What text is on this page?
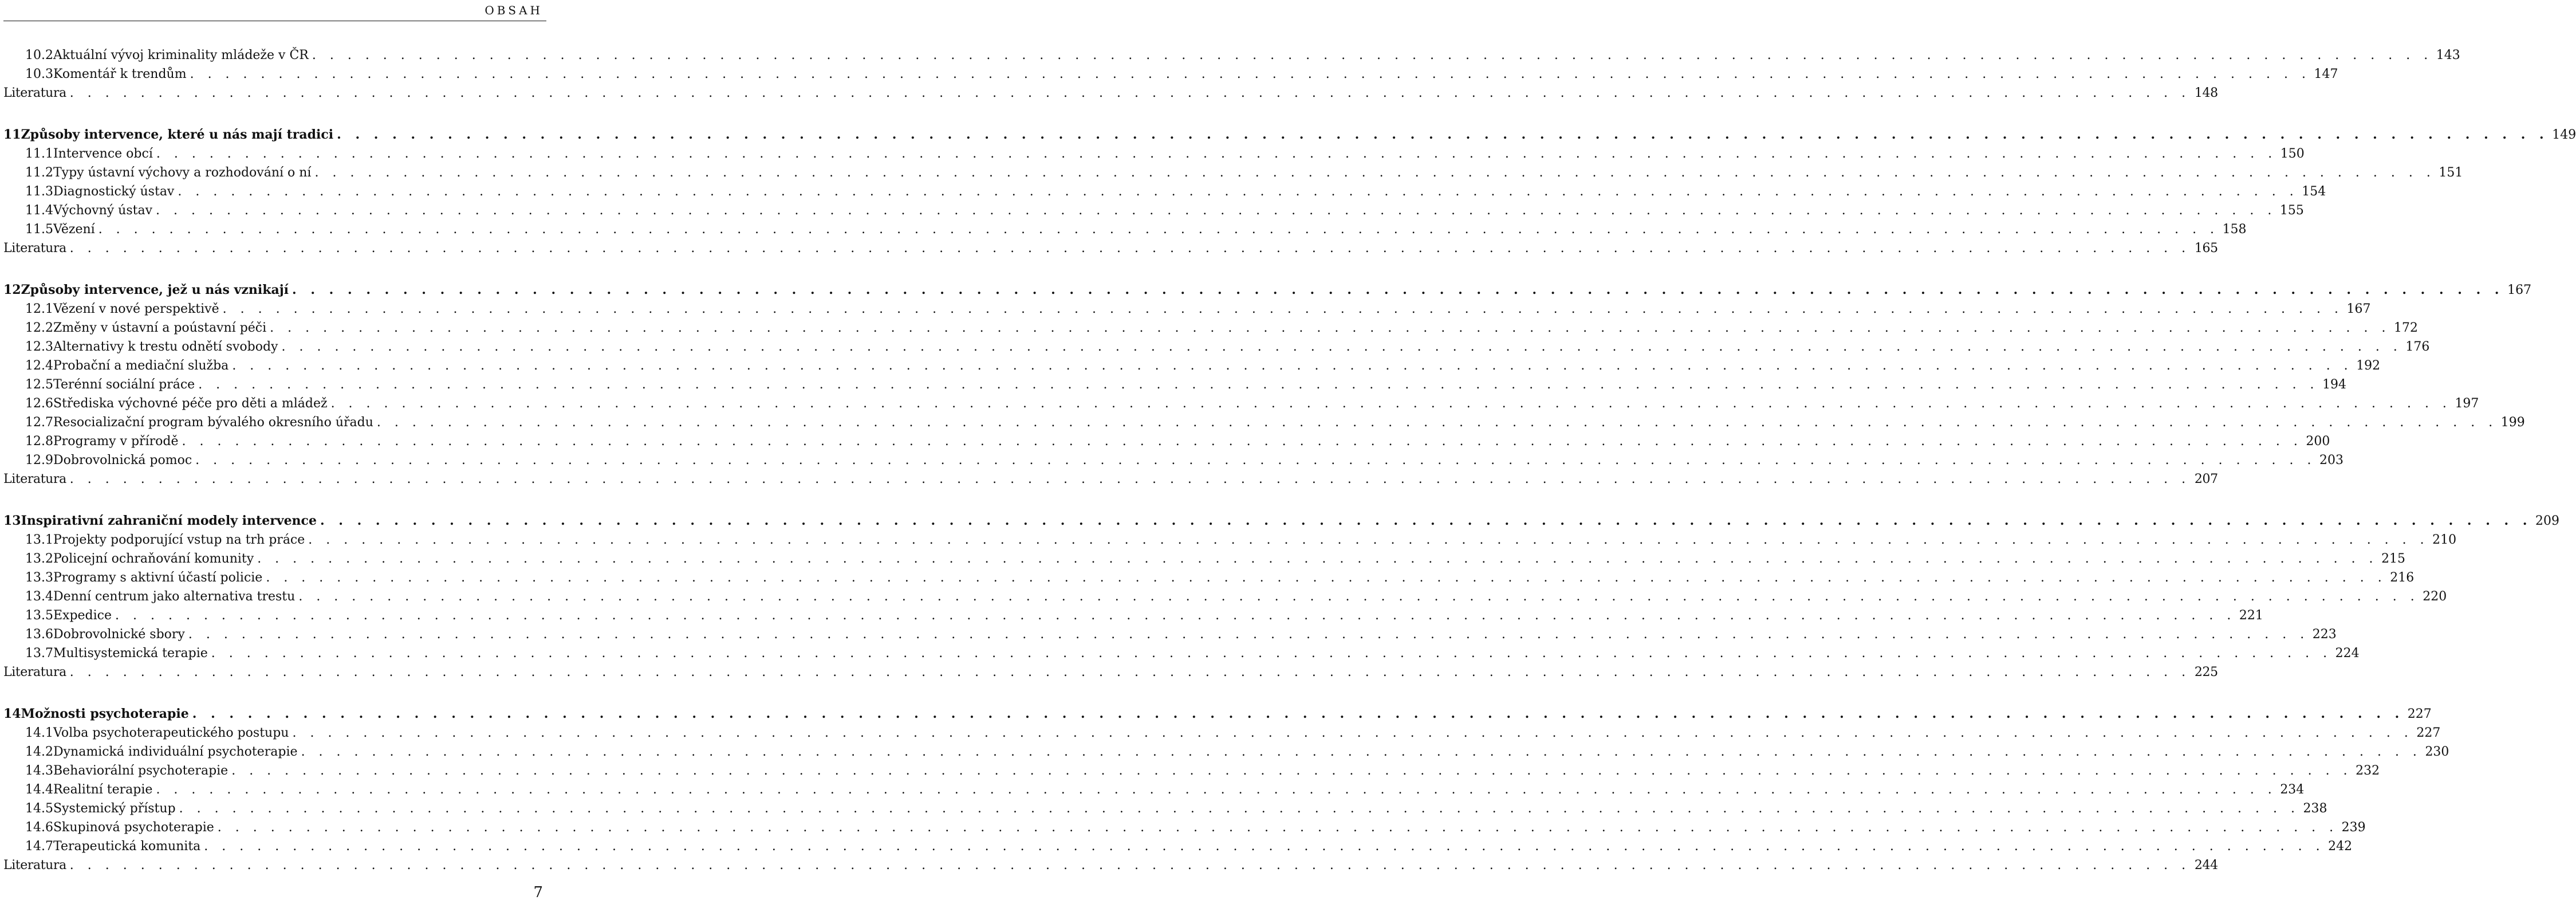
OBSAH
10.2 Aktuální vývoj kriminality mládeže v ČR . . . . . . . . . . . . . . . . . . . . . . . . . . . . . . . . . . . . . . . . . . . . . . . . . . . . . . . . . . . . . . . . . . . . . . . . . . . . . . . . . . . . . . . . . . . . . . . . . . . . . . . . . . . . . . . . . . . . . . . . 143
10.3 Komentář k trendům . . . . . . . . . . . . . . . . . . . . . . . . . . . . . . . . . . . . . . . . . . . . . . . . . . . . . . . . . . . . . . . . . . . . . . . . . . . . . . . . . . . . . . . . . . . . . . . . . . . . . . . . . . . . . . . . . . . . . . . . 147
Literatura . . . . . . . . . . . . . . . . . . . . . . . . . . . . . . . . . . . . . . . . . . . . . . . . . . . . . . . . . . . . . . . . . . . . . . . . . . . . . . . . . . . . . . . . . . . . . . . . . . . . . . . . . . . . . . . . . . . . . . . . 148
11 Způsoby intervence, které u nás mají tradici . . . . . . . . . . . . . . . . . . . . . . . . . . . . . . . . . . . . . . . . . . . . . . . . . . . . . . . . . . . . . . . . . . . . . . . . . . . . . . . . . . . . . . . . . . . . . . . . . . . . . . . . . . . . . . . . . . . . . . . . 149
11.1 Intervence obcí . . . . . . . . . . . . . . . . . . . . . . . . . . . . . . . . . . . . . . . . . . . . . . . . . . . . . . . . . . . . . . . . . . . . . . . . . . . . . . . . . . . . . . . . . . . . . . . . . . . . . . . . . . . . . . . . . . . . . . . . 150
11.2 Typy ústavní výchovy a rozhodování o ní . . . . . . . . . . . . . . . . . . . . . . . . . . . . . . . . . . . . . . . . . . . . . . . . . . . . . . . . . . . . . . . . . . . . . . . . . . . . . . . . . . . . . . . . . . . . . . . . . . . . . . . . . . . . . . . . . . . . . . . . 151
11.3 Diagnostický ústav . . . . . . . . . . . . . . . . . . . . . . . . . . . . . . . . . . . . . . . . . . . . . . . . . . . . . . . . . . . . . . . . . . . . . . . . . . . . . . . . . . . . . . . . . . . . . . . . . . . . . . . . . . . . . . . . . . . . . . . . 154
11.4 Výchovný ústav . . . . . . . . . . . . . . . . . . . . . . . . . . . . . . . . . . . . . . . . . . . . . . . . . . . . . . . . . . . . . . . . . . . . . . . . . . . . . . . . . . . . . . . . . . . . . . . . . . . . . . . . . . . . . . . . . . . . . . . . 155
11.5 Vězení . . . . . . . . . . . . . . . . . . . . . . . . . . . . . . . . . . . . . . . . . . . . . . . . . . . . . . . . . . . . . . . . . . . . . . . . . . . . . . . . . . . . . . . . . . . . . . . . . . . . . . . . . . . . . . . . . . . . . . . . 158
Literatura . . . . . . . . . . . . . . . . . . . . . . . . . . . . . . . . . . . . . . . . . . . . . . . . . . . . . . . . . . . . . . . . . . . . . . . . . . . . . . . . . . . . . . . . . . . . . . . . . . . . . . . . . . . . . . . . . . . . . . . . 165
12 Způsoby intervence, jež u nás vznikají . . . . . . . . . . . . . . . . . . . . . . . . . . . . . . . . . . . . . . . . . . . . . . . . . . . . . . . . . . . . . . . . . . . . . . . . . . . . . . . . . . . . . . . . . . . . . . . . . . . . . . . . . . . . . . . . . . . . . . . . 167
12.1 Vězení v nové perspektivě . . . . . . . . . . . . . . . . . . . . . . . . . . . . . . . . . . . . . . . . . . . . . . . . . . . . . . . . . . . . . . . . . . . . . . . . . . . . . . . . . . . . . . . . . . . . . . . . . . . . . . . . . . . . . . . . . . . . . . . . 167
12.2 Změny v ústavní a poústavní péči . . . . . . . . . . . . . . . . . . . . . . . . . . . . . . . . . . . . . . . . . . . . . . . . . . . . . . . . . . . . . . . . . . . . . . . . . . . . . . . . . . . . . . . . . . . . . . . . . . . . . . . . . . . . . . . . . . . . . . . . 172
12.3 Alternativy k trestu odnětí svobody . . . . . . . . . . . . . . . . . . . . . . . . . . . . . . . . . . . . . . . . . . . . . . . . . . . . . . . . . . . . . . . . . . . . . . . . . . . . . . . . . . . . . . . . . . . . . . . . . . . . . . . . . . . . . . . . . . . . . . . . 176
12.4 Probační a mediační služba . . . . . . . . . . . . . . . . . . . . . . . . . . . . . . . . . . . . . . . . . . . . . . . . . . . . . . . . . . . . . . . . . . . . . . . . . . . . . . . . . . . . . . . . . . . . . . . . . . . . . . . . . . . . . . . . . . . . . . . . 192
12.5 Terénní sociální práce . . . . . . . . . . . . . . . . . . . . . . . . . . . . . . . . . . . . . . . . . . . . . . . . . . . . . . . . . . . . . . . . . . . . . . . . . . . . . . . . . . . . . . . . . . . . . . . . . . . . . . . . . . . . . . . . . . . . . . . . 194
12.6 Střediska výchovné péče pro děti a mládež . . . . . . . . . . . . . . . . . . . . . . . . . . . . . . . . . . . . . . . . . . . . . . . . . . . . . . . . . . . . . . . . . . . . . . . . . . . . . . . . . . . . . . . . . . . . . . . . . . . . . . . . . . . . . . . . . . . . . . . . 197
12.7 Resocializační program bývalého okresního úřadu . . . . . . . . . . . . . . . . . . . . . . . . . . . . . . . . . . . . . . . . . . . . . . . . . . . . . . . . . . . . . . . . . . . . . . . . . . . . . . . . . . . . . . . . . . . . . . . . . . . . . . . . . . . . . . . . . . . . . . . . 199
12.8 Programy v přírodě . . . . . . . . . . . . . . . . . . . . . . . . . . . . . . . . . . . . . . . . . . . . . . . . . . . . . . . . . . . . . . . . . . . . . . . . . . . . . . . . . . . . . . . . . . . . . . . . . . . . . . . . . . . . . . . . . . . . . . . . 200
12.9 Dobrovolnická pomoc . . . . . . . . . . . . . . . . . . . . . . . . . . . . . . . . . . . . . . . . . . . . . . . . . . . . . . . . . . . . . . . . . . . . . . . . . . . . . . . . . . . . . . . . . . . . . . . . . . . . . . . . . . . . . . . . . . . . . . . . 203
Literatura . . . . . . . . . . . . . . . . . . . . . . . . . . . . . . . . . . . . . . . . . . . . . . . . . . . . . . . . . . . . . . . . . . . . . . . . . . . . . . . . . . . . . . . . . . . . . . . . . . . . . . . . . . . . . . . . . . . . . . . . 207
13 Inspirativní zahraniční modely intervence . . . . . . . . . . . . . . . . . . . . . . . . . . . . . . . . . . . . . . . . . . . . . . . . . . . . . . . . . . . . . . . . . . . . . . . . . . . . . . . . . . . . . . . . . . . . . . . . . . . . . . . . . . . . . . . . . . . . . . . . 209
13.1 Projekty podporující vstup na trh práce . . . . . . . . . . . . . . . . . . . . . . . . . . . . . . . . . . . . . . . . . . . . . . . . . . . . . . . . . . . . . . . . . . . . . . . . . . . . . . . . . . . . . . . . . . . . . . . . . . . . . . . . . . . . . . . . . . . . . . . . 210
13.2 Policejní ochraňování komunity . . . . . . . . . . . . . . . . . . . . . . . . . . . . . . . . . . . . . . . . . . . . . . . . . . . . . . . . . . . . . . . . . . . . . . . . . . . . . . . . . . . . . . . . . . . . . . . . . . . . . . . . . . . . . . . . . . . . . . . . 215
13.3 Programy s aktivní účastí policie . . . . . . . . . . . . . . . . . . . . . . . . . . . . . . . . . . . . . . . . . . . . . . . . . . . . . . . . . . . . . . . . . . . . . . . . . . . . . . . . . . . . . . . . . . . . . . . . . . . . . . . . . . . . . . . . . . . . . . . . 216
13.4 Denní centrum jako alternativa trestu . . . . . . . . . . . . . . . . . . . . . . . . . . . . . . . . . . . . . . . . . . . . . . . . . . . . . . . . . . . . . . . . . . . . . . . . . . . . . . . . . . . . . . . . . . . . . . . . . . . . . . . . . . . . . . . . . . . . . . . . 220
13.5 Expedice . . . . . . . . . . . . . . . . . . . . . . . . . . . . . . . . . . . . . . . . . . . . . . . . . . . . . . . . . . . . . . . . . . . . . . . . . . . . . . . . . . . . . . . . . . . . . . . . . . . . . . . . . . . . . . . . . . . . . . . . 221
13.6 Dobrovolnické sbory . . . . . . . . . . . . . . . . . . . . . . . . . . . . . . . . . . . . . . . . . . . . . . . . . . . . . . . . . . . . . . . . . . . . . . . . . . . . . . . . . . . . . . . . . . . . . . . . . . . . . . . . . . . . . . . . . . . . . . . . 223
13.7 Multisystemická terapie . . . . . . . . . . . . . . . . . . . . . . . . . . . . . . . . . . . . . . . . . . . . . . . . . . . . . . . . . . . . . . . . . . . . . . . . . . . . . . . . . . . . . . . . . . . . . . . . . . . . . . . . . . . . . . . . . . . . . . . . 224
Literatura . . . . . . . . . . . . . . . . . . . . . . . . . . . . . . . . . . . . . . . . . . . . . . . . . . . . . . . . . . . . . . . . . . . . . . . . . . . . . . . . . . . . . . . . . . . . . . . . . . . . . . . . . . . . . . . . . . . . . . . . 225
14 Možnosti psychoterapie . . . . . . . . . . . . . . . . . . . . . . . . . . . . . . . . . . . . . . . . . . . . . . . . . . . . . . . . . . . . . . . . . . . . . . . . . . . . . . . . . . . . . . . . . . . . . . . . . . . . . . . . . . . . . . . . . . . . . . . . 227
14.1 Volba psychoterapeutického postupu . . . . . . . . . . . . . . . . . . . . . . . . . . . . . . . . . . . . . . . . . . . . . . . . . . . . . . . . . . . . . . . . . . . . . . . . . . . . . . . . . . . . . . . . . . . . . . . . . . . . . . . . . . . . . . . . . . . . . . . . 227
14.2 Dynamická individuální psychoterapie . . . . . . . . . . . . . . . . . . . . . . . . . . . . . . . . . . . . . . . . . . . . . . . . . . . . . . . . . . . . . . . . . . . . . . . . . . . . . . . . . . . . . . . . . . . . . . . . . . . . . . . . . . . . . . . . . . . . . . . . 230
14.3 Behaviorální psychoterapie . . . . . . . . . . . . . . . . . . . . . . . . . . . . . . . . . . . . . . . . . . . . . . . . . . . . . . . . . . . . . . . . . . . . . . . . . . . . . . . . . . . . . . . . . . . . . . . . . . . . . . . . . . . . . . . . . . . . . . . . 232
14.4 Realitní terapie . . . . . . . . . . . . . . . . . . . . . . . . . . . . . . . . . . . . . . . . . . . . . . . . . . . . . . . . . . . . . . . . . . . . . . . . . . . . . . . . . . . . . . . . . . . . . . . . . . . . . . . . . . . . . . . . . . . . . . . . 234
14.5 Systemický přístup . . . . . . . . . . . . . . . . . . . . . . . . . . . . . . . . . . . . . . . . . . . . . . . . . . . . . . . . . . . . . . . . . . . . . . . . . . . . . . . . . . . . . . . . . . . . . . . . . . . . . . . . . . . . . . . . . . . . . . . . 238
14.6 Skupinová psychoterapie . . . . . . . . . . . . . . . . . . . . . . . . . . . . . . . . . . . . . . . . . . . . . . . . . . . . . . . . . . . . . . . . . . . . . . . . . . . . . . . . . . . . . . . . . . . . . . . . . . . . . . . . . . . . . . . . . . . . . . . . 239
14.7 Terapeutická komunita . . . . . . . . . . . . . . . . . . . . . . . . . . . . . . . . . . . . . . . . . . . . . . . . . . . . . . . . . . . . . . . . . . . . . . . . . . . . . . . . . . . . . . . . . . . . . . . . . . . . . . . . . . . . . . . . . . . . . . . . 242
Literatura . . . . . . . . . . . . . . . . . . . . . . . . . . . . . . . . . . . . . . . . . . . . . . . . . . . . . . . . . . . . . . . . . . . . . . . . . . . . . . . . . . . . . . . . . . . . . . . . . . . . . . . . . . . . . . . . . . . . . . . . 244
7
